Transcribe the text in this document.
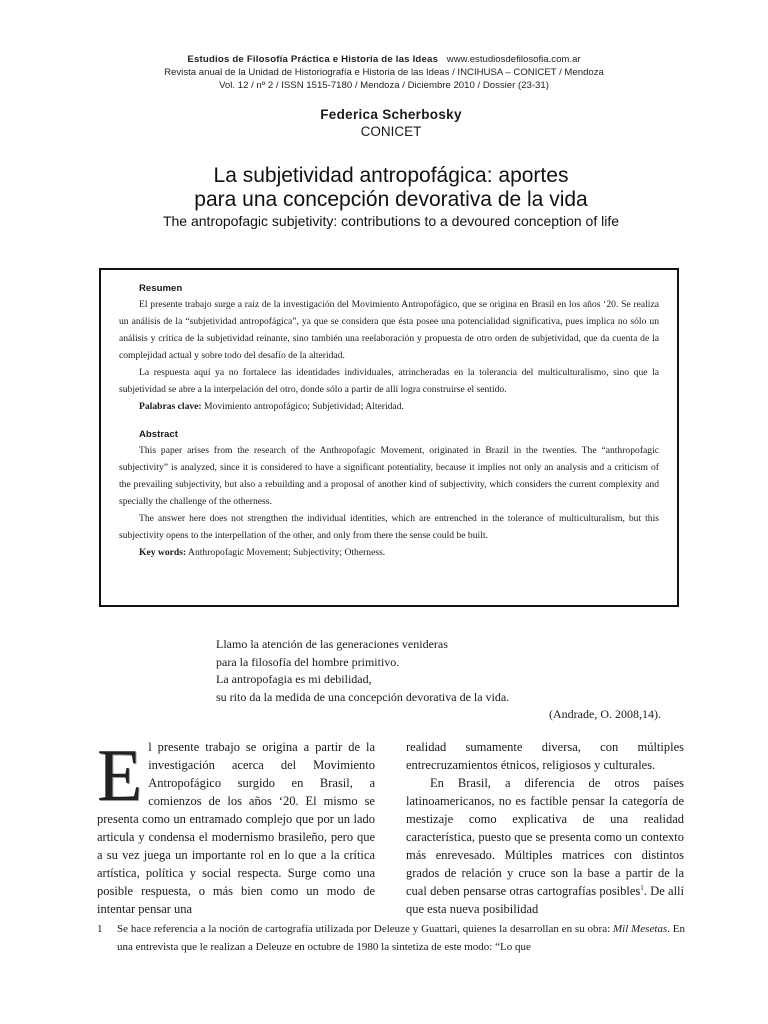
Estudios de Filosofía Práctica e Historia de las Ideas www.estudiosdefilosofia.com.ar
Revista anual de la Unidad de Historiografía e Historia de las Ideas / INCIHUSA – CONICET / Mendoza
Vol. 12 / nº 2 / ISSN 1515-7180 / Mendoza / Diciembre 2010 / Dossier (23-31)
Federica Scherbosky
CONICET
La subjetividad antropofágica: aportes
para una concepción devorativa de la vida
The antropofagic subjetivity: contributions to a devoured conception of life
Resumen

El presente trabajo surge a raíz de la investigación del Movimiento Antropofágico, que se origina en Brasil en los años ‘20. Se realiza un análisis de la “subjetividad antropofágica”, ya que se considera que ésta posee una potencialidad significativa, pues implica no sólo un análisis y crítica de la subjetividad reinante, sino también una reelaboración y propuesta de otro orden de subjetividad, que da cuenta de la complejidad actual y sobre todo del desafío de la alteridad.

La respuesta aquí ya no fortalece las identidades individuales, atrincheradas en la tolerancia del multiculturalismo, sino que la subjetividad se abre a la interpelación del otro, donde sólo a partir de allí logra construirse el sentido.

Palabras clave: Movimiento antropofágico; Subjetividad; Alteridad.

Abstract

This paper arises from the research of the Anthropofagic Movement, originated in Brazil in the twenties. The “anthropofagic subjectivity” is analyzed, since it is considered to have a significant potentiality, because it implies not only an analysis and a criticism of the prevailing subjectivity, but also a rebuilding and a proposal of another kind of subjectivity, which considers the current complexity and specially the challenge of the otherness.

The answer here does not strengthen the individual identities, which are entrenched in the tolerance of multiculturalism, but this subjectivity opens to the interpellation of the other, and only from there the sense could be built.

Key words: Anthropofagic Movement; Subjectivity; Otherness.

Llamo la atención de las generaciones venideras
para la filosofía del hombre primitivo.
La antropofagia es mi debilidad,
su rito da la medida de una concepción devorativa de la vida.
(Andrade, O. 2008,14).

El presente trabajo se origina a partir de la investigación acerca del Movimiento Antropofágico surgido en Brasil, a comienzos de los años ‘20. El mismo se presenta como un entramado complejo que por un lado articula y condensa el modernismo brasileño, pero que a su vez juega un importante rol en lo que a la crítica artística, política y social respecta. Surge como una posible respuesta, o más bien como un modo de intentar pensar una

realidad sumamente diversa, con múltiples entrecruzamientos étnicos, religiosos y culturales.

En Brasil, a diferencia de otros países latinoamericanos, no es factible pensar la categoría de mestizaje como explicativa de una realidad característica, puesto que se presenta como un contexto más enrevesado. Múltiples matrices con distintos grados de relación y cruce son la base a partir de la cual deben pensarse otras cartografías posibles$^1$. De allí que esta nueva posibilidad

1 Se hace referencia a la noción de cartografía utilizada por Deleuze y Guattari, quienes la desarrollan en su obra: Mil Mesetas. En una entrevista que le realizan a Deleuze en octubre de 1980 la sintetiza de este modo: “Lo que
